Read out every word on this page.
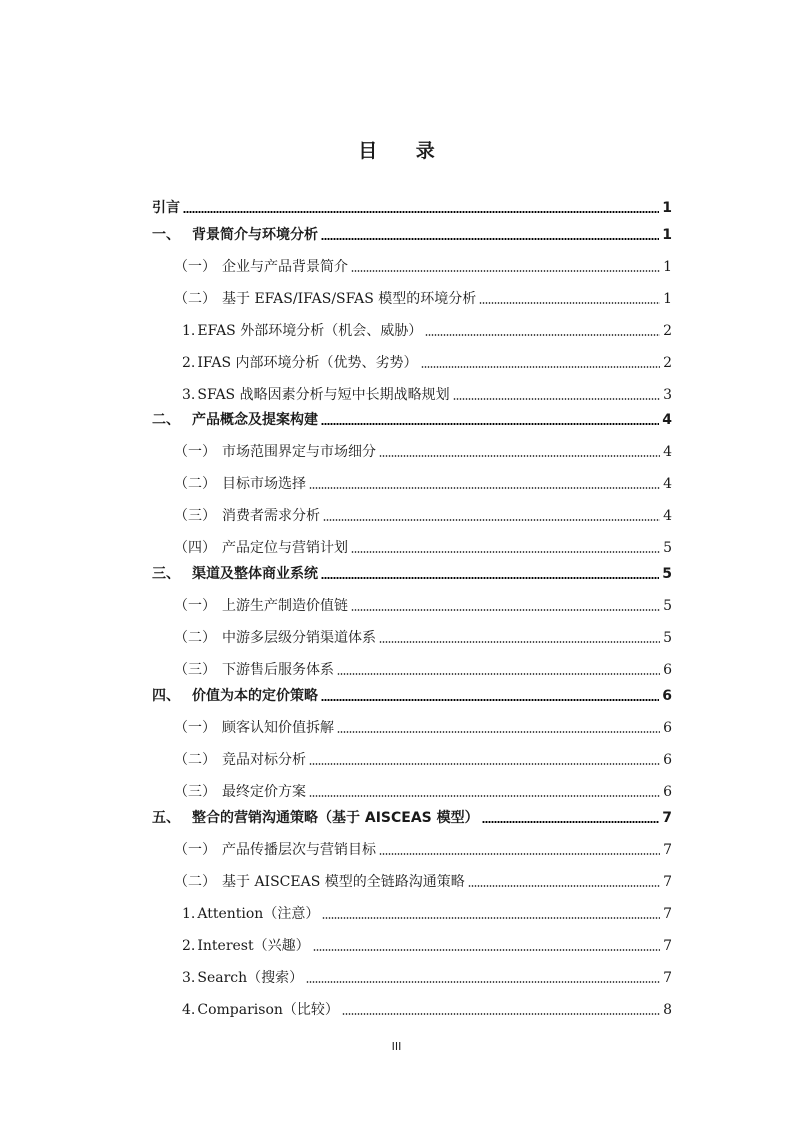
目 录
引言	1
一、 背景简介与环境分析	1
（一） 企业与产品背景简介	1
（二） 基于 EFAS/IFAS/SFAS 模型的环境分析	1
1. EFAS 外部环境分析（机会、威胁）	2
2. IFAS 内部环境分析（优势、劣势）	2
3. SFAS 战略因素分析与短中长期战略规划	3
二、 产品概念及提案构建	4
（一） 市场范围界定与市场细分	4
（二） 目标市场选择	4
（三） 消费者需求分析	4
（四） 产品定位与营销计划	5
三、 渠道及整体商业系统	5
（一） 上游生产制造价值链	5
（二） 中游多层级分销渠道体系	5
（三） 下游售后服务体系	6
四、 价值为本的定价策略	6
（一） 顾客认知价值拆解	6
（二） 竞品对标分析	6
（三） 最终定价方案	6
五、 整合的营销沟通策略（基于 AISCEAS 模型）	7
（一） 产品传播层次与营销目标	7
（二） 基于 AISCEAS 模型的全链路沟通策略	7
1. Attention（注意）	7
2. Interest（兴趣）	7
3. Search（搜索）	7
4. Comparison（比较）	8
III
